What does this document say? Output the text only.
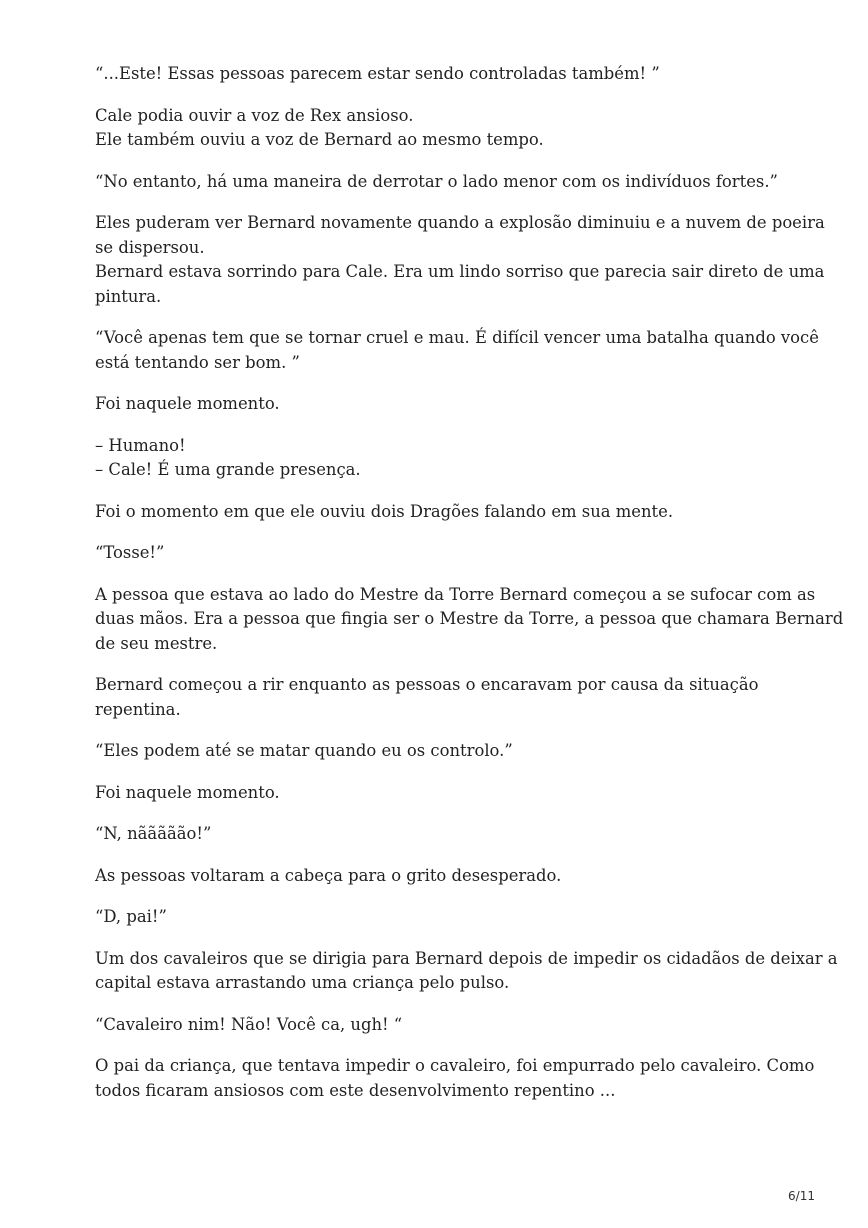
“...Este! Essas pessoas parecem estar sendo controladas também! ”

Cale podia ouvir a voz de Rex ansioso.
Ele também ouviu a voz de Bernard ao mesmo tempo.

“No entanto, há uma maneira de derrotar o lado menor com os indivíduos fortes.”

Eles puderam ver Bernard novamente quando a explosão diminuiu e a nuvem de poeira
se dispersou.
Bernard estava sorrindo para Cale. Era um lindo sorriso que parecia sair direto de uma
pintura.

“Você apenas tem que se tornar cruel e mau. É difícil vencer uma batalha quando você
está tentando ser bom. ”

Foi naquele momento.

– Humano!
– Cale! É uma grande presença.

Foi o momento em que ele ouviu dois Dragões falando em sua mente.

“Tosse!”

A pessoa que estava ao lado do Mestre da Torre Bernard começou a se sufocar com as
duas mãos. Era a pessoa que fingia ser o Mestre da Torre, a pessoa que chamara Bernard
de seu mestre.

Bernard começou a rir enquanto as pessoas o encaravam por causa da situação
repentina.

“Eles podem até se matar quando eu os controlo.”

Foi naquele momento.

“N, nããããão!”

As pessoas voltaram a cabeça para o grito desesperado.

“D, pai!”

Um dos cavaleiros que se dirigia para Bernard depois de impedir os cidadãos de deixar a
capital estava arrastando uma criança pelo pulso.

“Cavaleiro nim! Não! Você ca, ugh! “

O pai da criança, que tentava impedir o cavaleiro, foi empurrado pelo cavaleiro. Como
todos ficaram ansiosos com este desenvolvimento repentino ...

6/11
